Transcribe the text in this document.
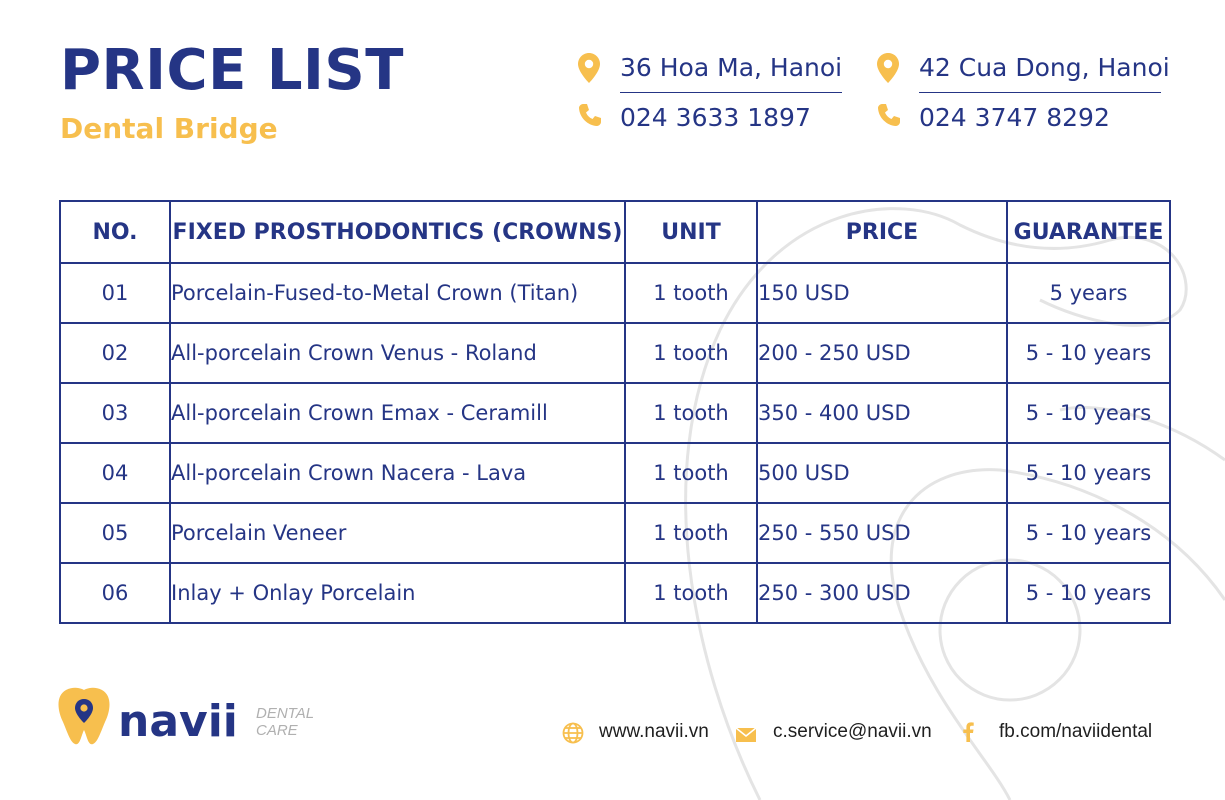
PRICE LIST
Dental Bridge
36 Hoa Ma, Hanoi
024 3633 1897
42 Cua Dong, Hanoi
024 3747 8292
NO.	FIXED PROSTHODONTICS (CROWNS)	UNIT	PRICE	GUARANTEE
01	Porcelain-Fused-to-Metal Crown (Titan)	1 tooth	150 USD	5 years
02	All-porcelain Crown Venus - Roland	1 tooth	200 - 250 USD	5 - 10 years
03	All-porcelain Crown Emax - Ceramill	1 tooth	350 - 400 USD	5 - 10 years
04	All-porcelain Crown Nacera - Lava	1 tooth	500 USD	5 - 10 years
05	Porcelain Veneer	1 tooth	250 - 550 USD	5 - 10 years
06	Inlay + Onlay Porcelain	1 tooth	250 - 300 USD	5 - 10 years
navii DENTAL
CARE	www.navii.vn	c.service@navii.vn	fb.com/naviidental
